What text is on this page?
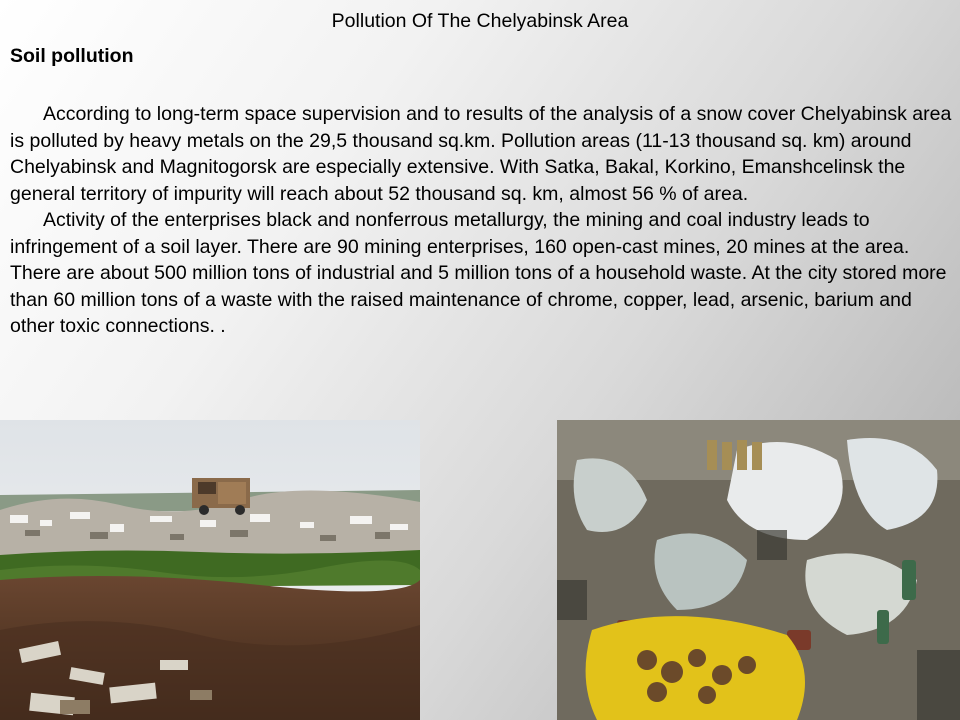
Pollution Of The Chelyabinsk Area
Soil pollution

According to long-term space supervision and to results of the analysis of a snow cover Chelyabinsk area is polluted by heavy metals on the 29,5 thousand sq.km. Pollution areas (11-13 thousand sq. km) around Chelyabinsk and Magnitogorsk are especially extensive. With Satka, Bakal, Korkino, Emanshcelinsk the general territory of impurity will reach about 52 thousand sq. km, almost 56 % of area.

Activity of the enterprises black and nonferrous metallurgy, the mining and coal industry leads to infringement of a soil layer. There are 90 mining enterprises, 160 open-cast mines, 20 mines at the area.

There are about 500 million tons of industrial and 5 million tons of a household waste. At the city stored more than 60 million tons of a waste with the raised maintenance of chrome, copper, lead, arsenic, barium and other toxic connections. .
